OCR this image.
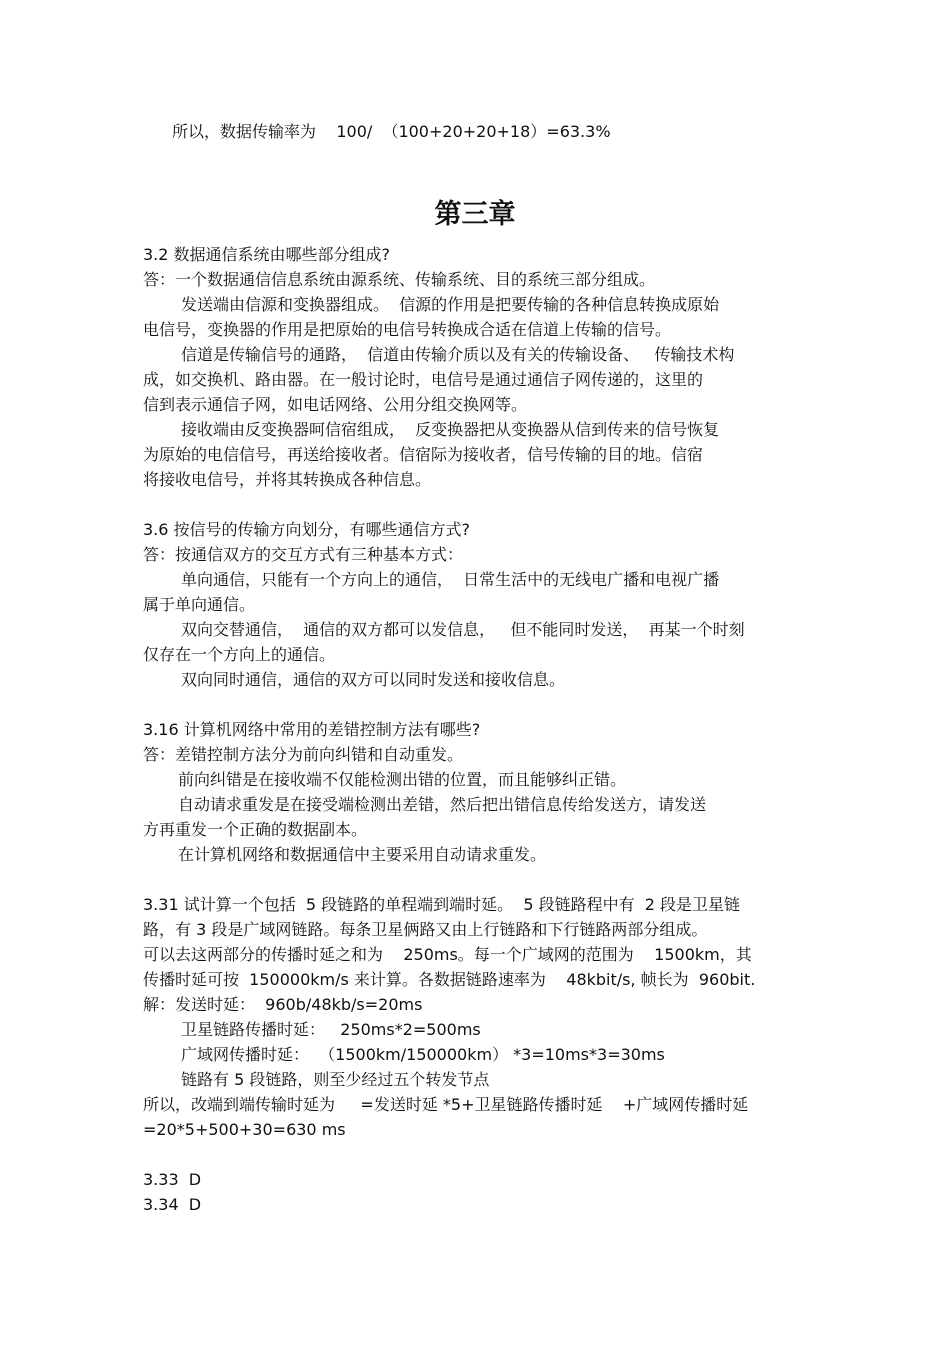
所以，数据传输率为    100/  （100+20+20+18）=63.3%

第三章

3.2 数据通信系统由哪些部分组成?

答：一个数据通信信息系统由源系统、传输系统、目的系统三部分组成。

发送端由信源和变换器组成。  信源的作用是把要传输的各种信息转换成原始

电信号，变换器的作用是把原始的电信号转换成合适在信道上传输的信号。

信道是传输信号的通路，  信道由传输介质以及有关的传输设备、   传输技术构

成，如交换机、路由器。在一般讨论时，电信号是通过通信子网传递的，这里的

信到表示通信子网，如电话网络、公用分组交换网等。

接收端由反变换器呵信宿组成，  反变换器把从变换器从信到传来的信号恢复

为原始的电信信号，再送给接收者。信宿际为接收者，信号传输的目的地。信宿

将接收电信号，并将其转换成各种信息。

3.6 按信号的传输方向划分，有哪些通信方式?

答：按通信双方的交互方式有三种基本方式：

单向通信，只能有一个方向上的通信，  日常生活中的无线电广播和电视广播

属于单向通信。

双向交替通信，  通信的双方都可以发信息，   但不能同时发送，  再某一个时刻

仅存在一个方向上的通信。

双向同时通信，通信的双方可以同时发送和接收信息。

3.16 计算机网络中常用的差错控制方法有哪些?

答：差错控制方法分为前向纠错和自动重发。

前向纠错是在接收端不仅能检测出错的位置，而且能够纠正错。

自动请求重发是在接受端检测出差错，然后把出错信息传给发送方，请发送

方再重发一个正确的数据副本。

在计算机网络和数据通信中主要采用自动请求重发。

3.31 试计算一个包括  5 段链路的单程端到端时延。  5 段链路程中有  2 段是卫星链

路，有 3 段是广域网链路。每条卫星俩路又由上行链路和下行链路两部分组成。

可以去这两部分的传播时延之和为    250ms。每一个广域网的范围为    1500km，其

传播时延可按  150000km/s 来计算。各数据链路速率为    48kbit/s, 帧长为  960bit.

解：发送时延：  960b/48kb/s=20ms

卫星链路传播时延：   250ms*2=500ms

广域网传播时延：  （1500km/150000km） *3=10ms*3=30ms

链路有 5 段链路，则至少经过五个转发节点

所以，改端到端传输时延为     =发送时延 *5+卫星链路传播时延    +广域网传播时延

=20*5+500+30=630 ms

3.33  D

3.34  D
